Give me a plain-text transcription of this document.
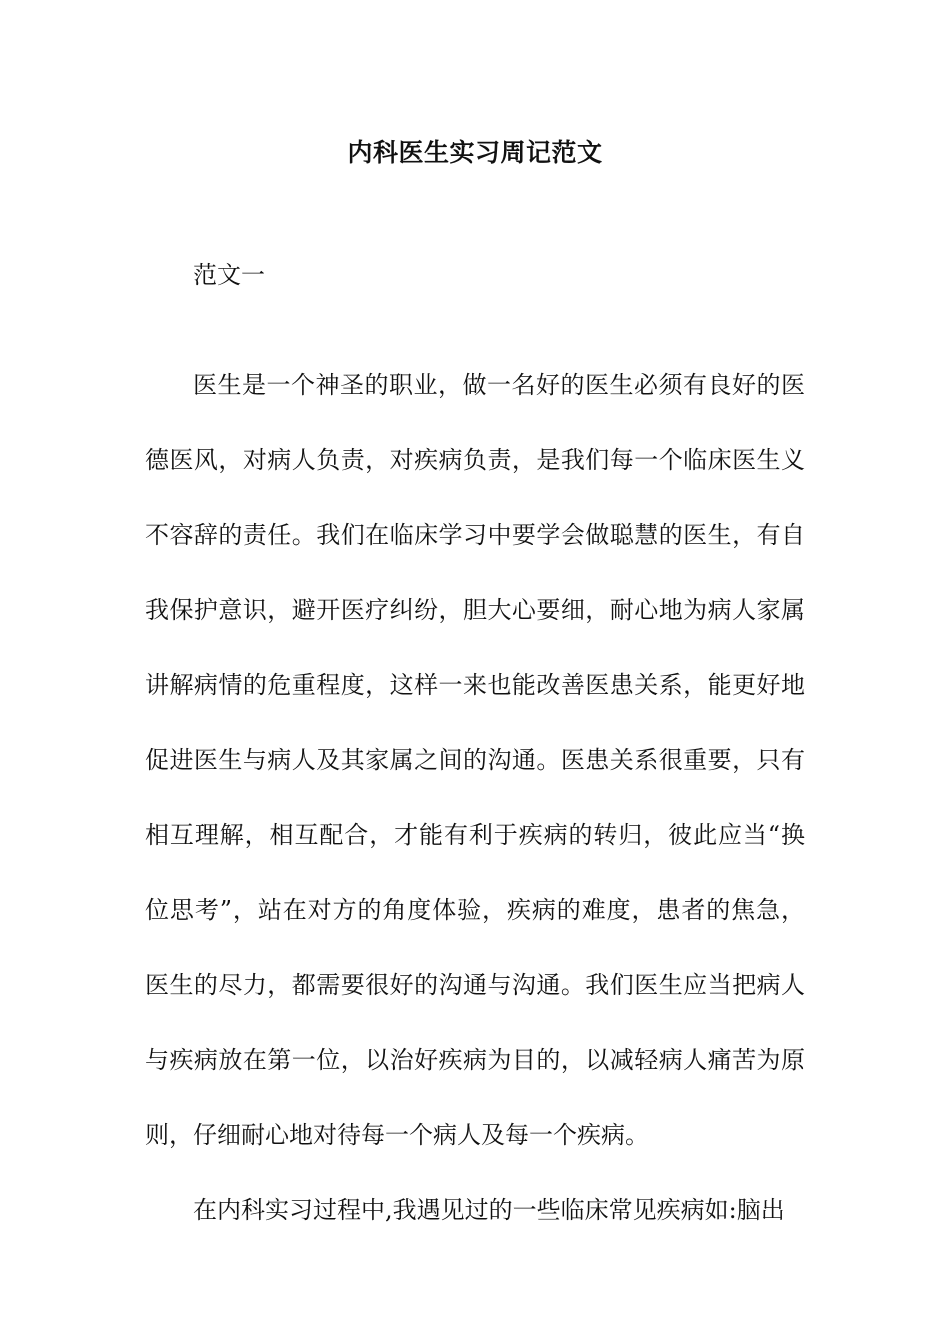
内科医生实习周记范文

范文一

医生是一个神圣的职业，做一名好的医生必须有良好的医德医风，对病人负责，对疾病负责，是我们每一个临床医生义不容辞的责任。我们在临床学习中要学会做聪慧的医生，有自我保护意识，避开医疗纠纷，胆大心要细，耐心地为病人家属讲解病情的危重程度，这样一来也能改善医患关系，能更好地促进医生与病人及其家属之间的沟通。医患关系很重要，只有相互理解，相互配合，才能有利于疾病的转归，彼此应当“换位思考”，站在对方的角度体验，疾病的难度，患者的焦急，医生的尽力，都需要很好的沟通与沟通。我们医生应当把病人与疾病放在第一位，以治好疾病为目的，以减轻病人痛苦为原则，仔细耐心地对待每一个病人及每一个疾病。

在内科实习过程中,我遇见过的一些临床常见疾病如:脑出
